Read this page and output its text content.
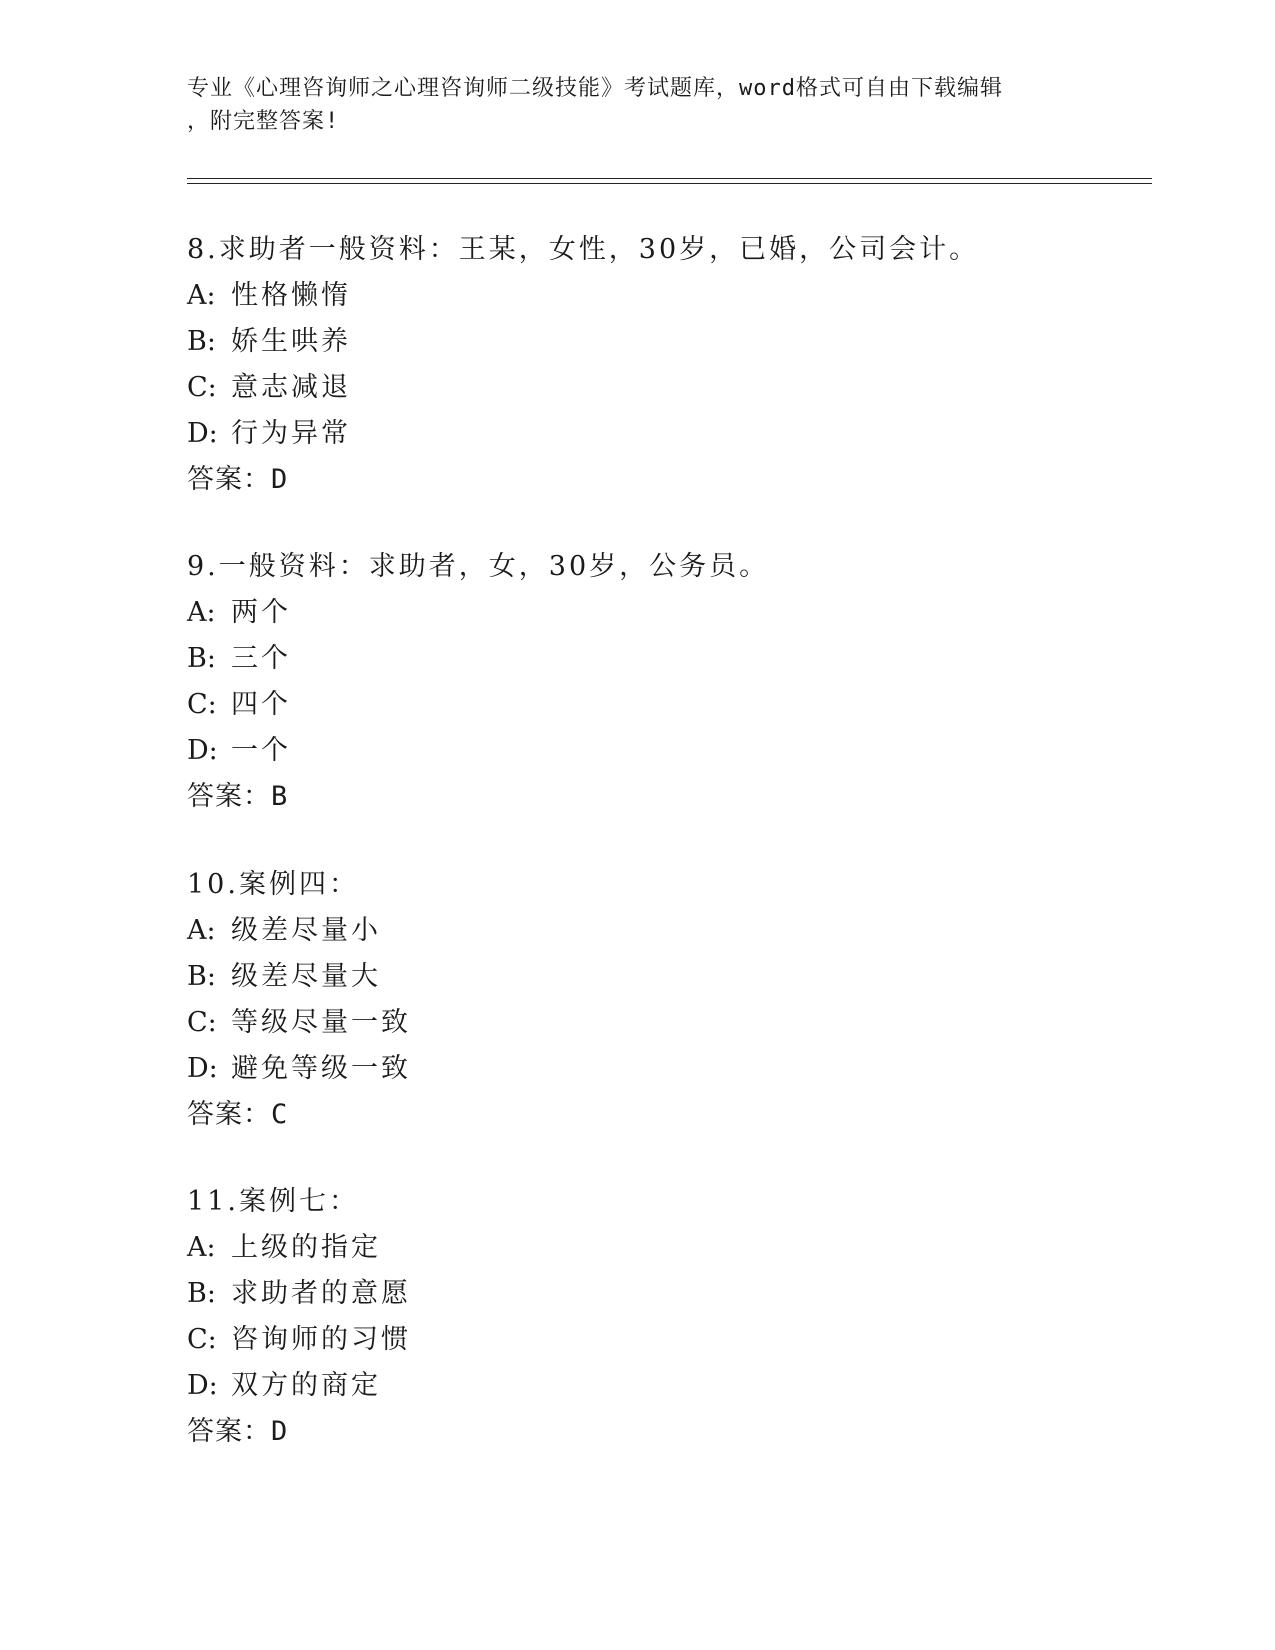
专业《心理咨询师之心理咨询师二级技能》考试题库，word格式可自由下载编辑
，附完整答案!
8.求助者一般资料：王某，女性，30岁，已婚，公司会计。
A: 性格懒惰
B: 娇生哄养
C: 意志减退
D: 行为异常
答案：D
9.一般资料：求助者，女，30岁，公务员。
A: 两个
B: 三个
C: 四个
D: 一个
答案：B
10.案例四：
A: 级差尽量小
B: 级差尽量大
C: 等级尽量一致
D: 避免等级一致
答案：C
11.案例七：
A: 上级的指定
B: 求助者的意愿
C: 咨询师的习惯
D: 双方的商定
答案：D
